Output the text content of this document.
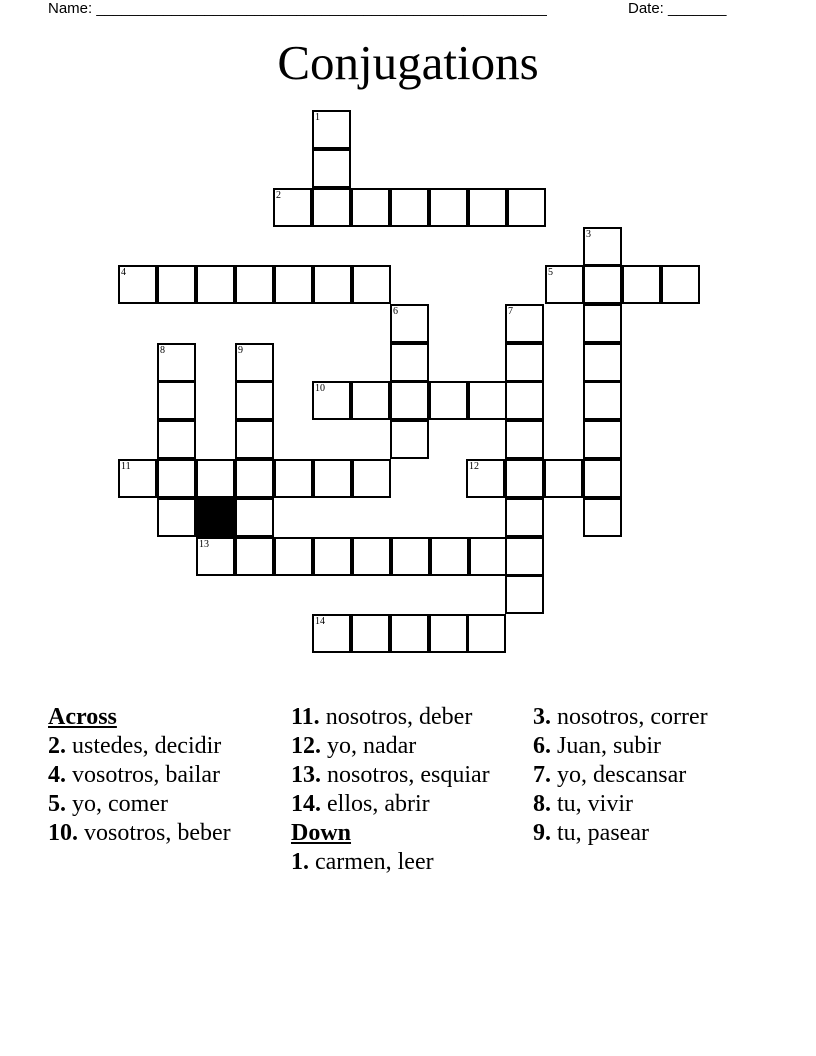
Name: ______________________________________________________	Date: _______
Conjugations
1
2
3
4	5
6	7
8	9
10
11	12
13
14
Across
2. ustedes, decidir
4. vosotros, bailar
5. yo, comer
10. vosotros, beber
11. nosotros, deber
12. yo, nadar
13. nosotros, esquiar
14. ellos, abrir
Down
1. carmen, leer
3. nosotros, correr
6. Juan, subir
7. yo, descansar
8. tu, vivir
9. tu, pasear
